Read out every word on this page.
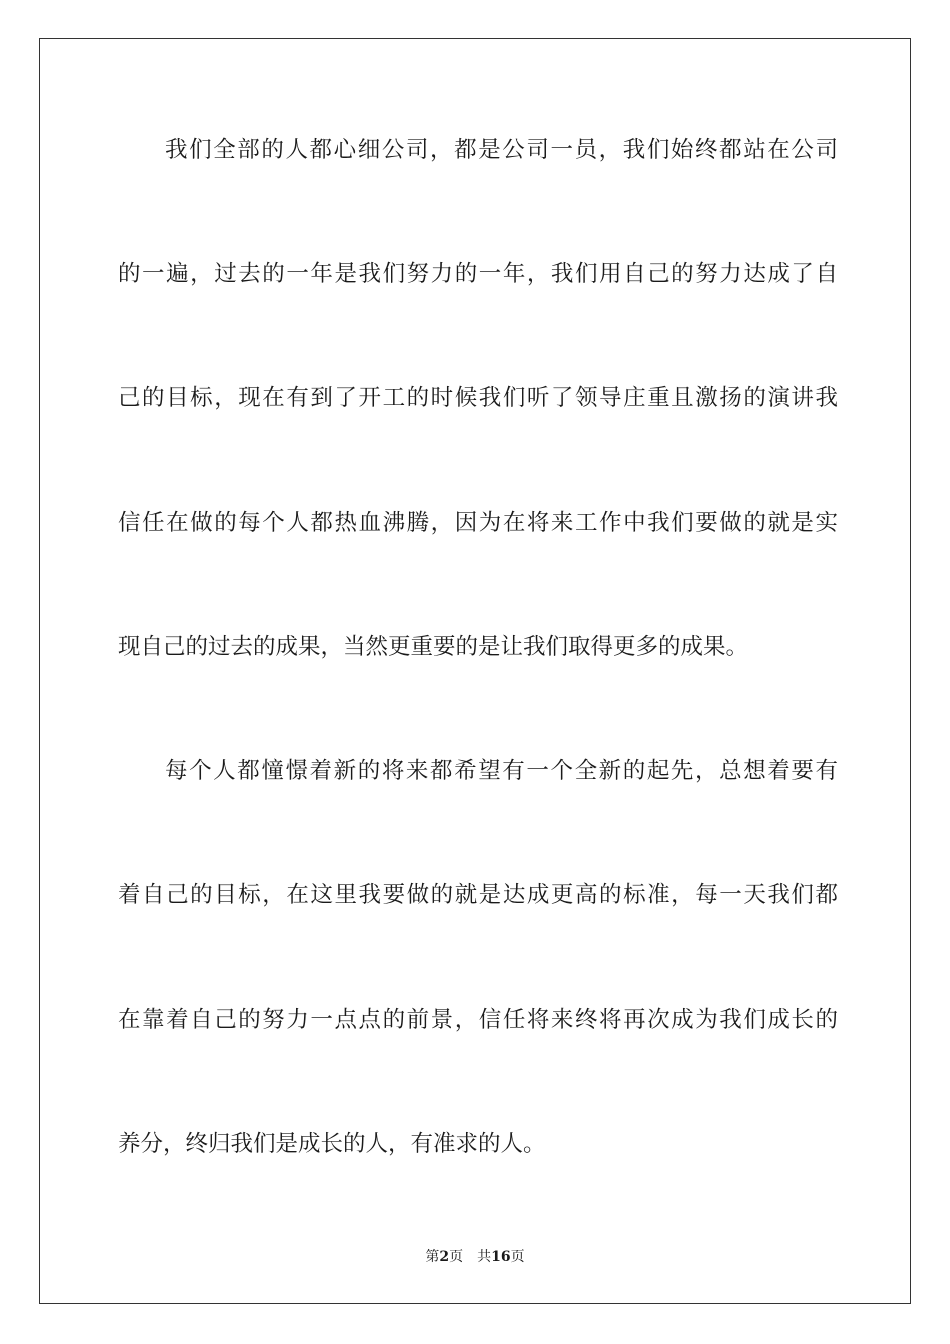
我们全部的人都心细公司，都是公司一员，我们始终都站在公司
的一遍，过去的一年是我们努力的一年，我们用自己的努力达成了自
己的目标，现在有到了开工的时候我们听了领导庄重且激扬的演讲我
信任在做的每个人都热血沸腾，因为在将来工作中我们要做的就是实
现自己的过去的成果，当然更重要的是让我们取得更多的成果。
每个人都憧憬着新的将来都希望有一个全新的起先，总想着要有
着自己的目标，在这里我要做的就是达成更高的标准，每一天我们都
在靠着自己的努力一点点的前景，信任将来终将再次成为我们成长的
养分，终归我们是成长的人，有准求的人。
第2页 共16页
